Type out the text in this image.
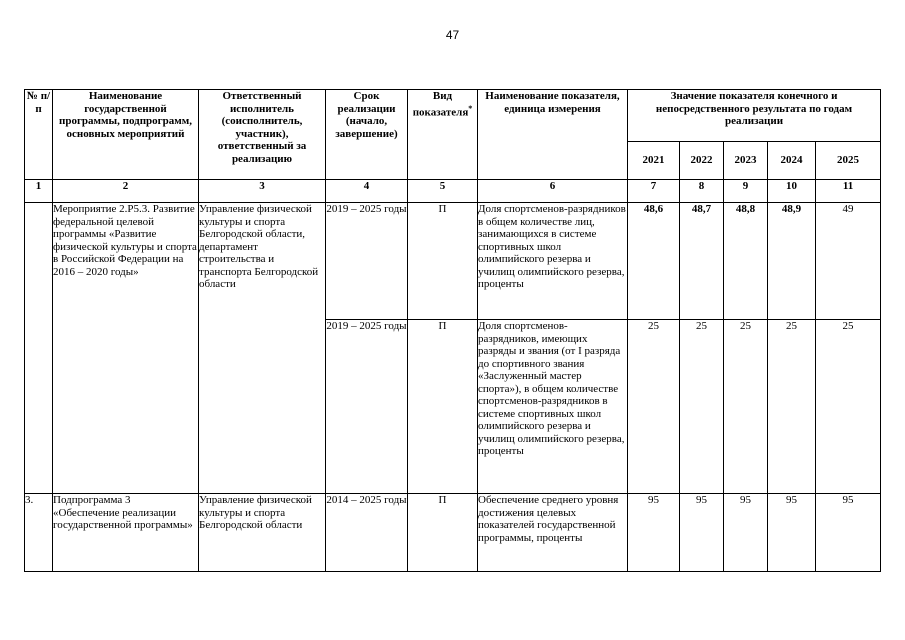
47
№ п/п	Наименование государственной программы, подпрограмм, основных мероприятий	Ответственный исполнитель (соисполнитель, участник), ответственный за реализацию	Срок реализации (начало, завершение)	Вид показателя*	Наименование показателя, единица измерения	Значение показателя конечного и непосредственного результата по годам реализации				
						2021	2022	2023	2024	2025
1	2	3	4	5	6	7	8	9	10	11
	Мероприятие 2.P5.3. Развитие федеральной целевой программы «Развитие физической культуры и спорта в Российской Федерации на 2016 – 2020 годы»	Управление физической культуры и спорта Белгородской области, департамент строительства и транспорта Белгородской области	2019 – 2025 годы	П	Доля спортсменов-разрядников в общем количестве лиц, занимающихся в системе спортивных школ олимпийского резерва и училищ олимпийского резерва, проценты	48,6	48,7	48,8	48,9	49
			2019 – 2025 годы	П	Доля спортсменов-разрядников, имеющих разряды и звания (от I разряда до спортивного звания «Заслуженный мастер спорта»), в общем количестве спортсменов-разрядников в системе спортивных школ олимпийского резерва и училищ олимпийского резерва, проценты	25	25	25	25	25
3.	Подпрограмма 3 «Обеспечение реализации государственной программы»	Управление физической культуры и спорта Белгородской области	2014 – 2025 годы	П	Обеспечение среднего уровня достижения целевых показателей государственной программы, проценты	95	95	95	95	95
